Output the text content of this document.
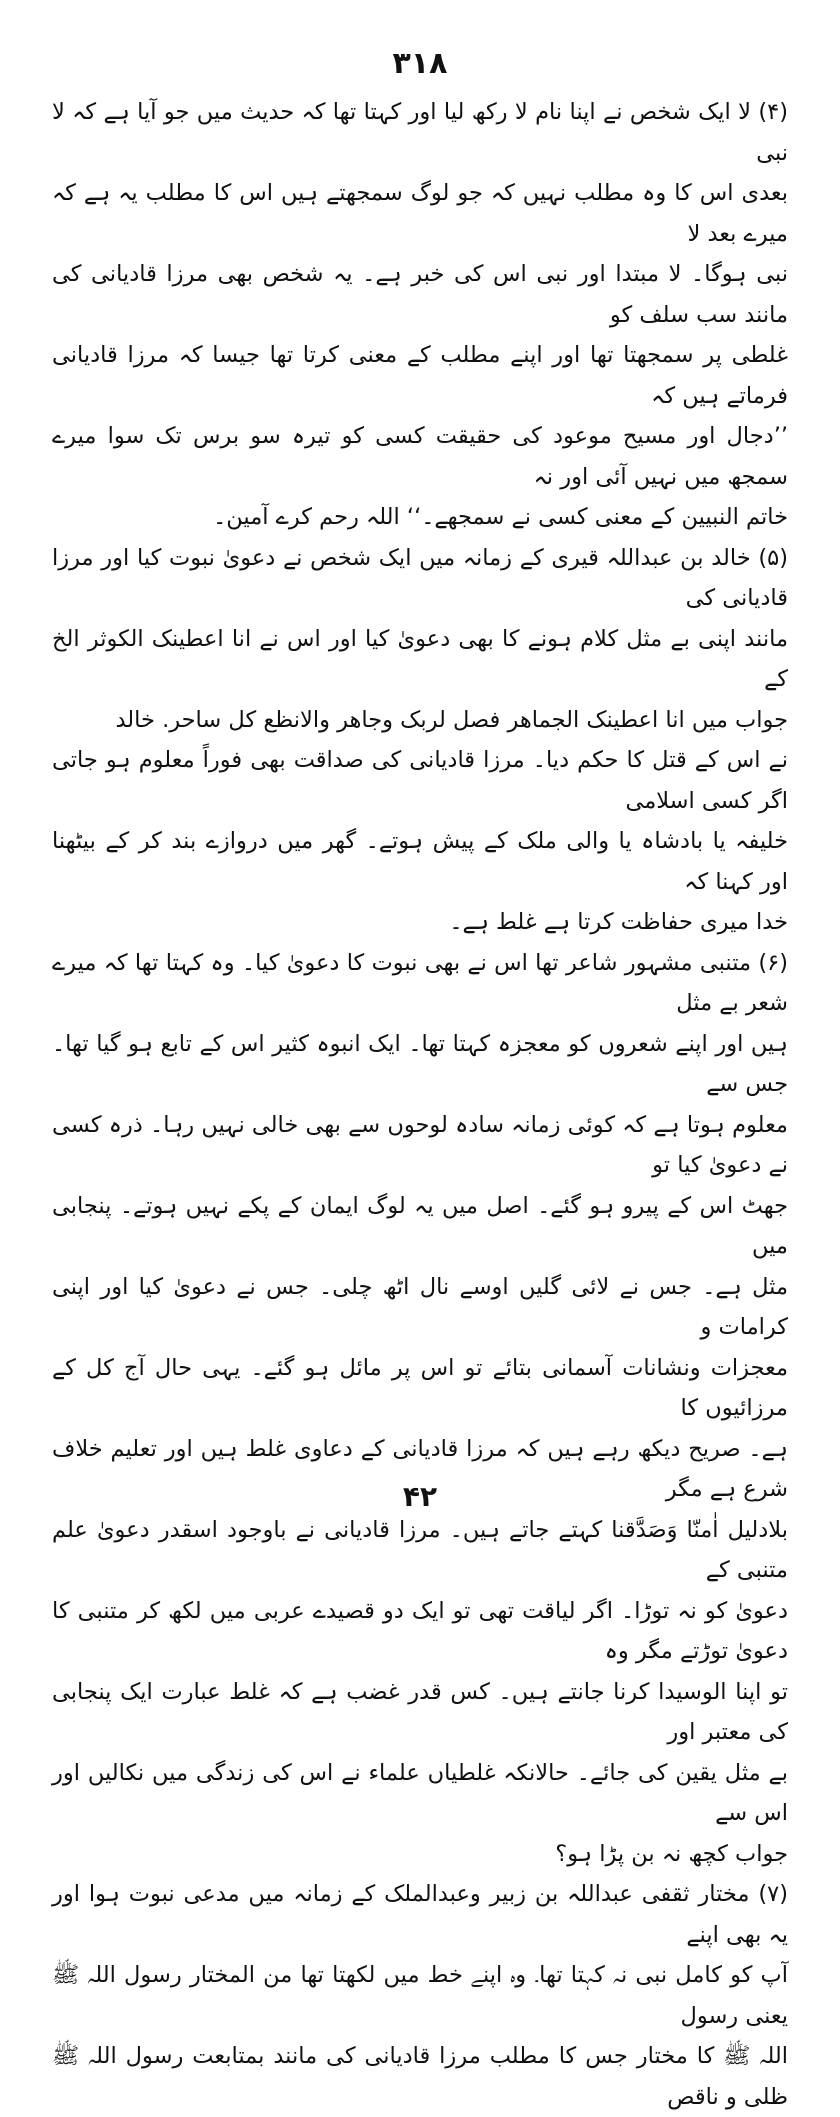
۳۱۸
(۴) لا ایک شخص نے اپنا نام لا رکھ لیا اور کہتا تھا کہ حدیث میں جو آیا ہے کہ لا نبی
بعدی اس کا وہ مطلب نہیں کہ جو لوگ سمجھتے ہیں اس کا مطلب یہ ہے کہ میرے بعد لا
نبی ہوگا۔ لا مبتدا اور نبی اس کی خبر ہے۔ یہ شخص بھی مرزا قادیانی کی مانند سب سلف کو
غلطی پر سمجھتا تھا اور اپنے مطلب کے معنی کرتا تھا جیسا کہ مرزا قادیانی فرماتے ہیں کہ
’’دجال اور مسیح موعود کی حقیقت کسی کو تیرہ سو برس تک سوا میرے سمجھ میں نہیں آئی اور نہ
خاتم النبیین کے معنی کسی نے سمجھے۔‘‘ اللہ رحم کرے آمین۔
(۵) خالد بن عبداللہ قیری کے زمانہ میں ایک شخص نے دعویٰ نبوت کیا اور مرزا قادیانی کی
مانند اپنی بے مثل کلام ہونے کا بھی دعویٰ کیا اور اس نے انا اعطینک الکوثر الخ کے
جواب میں انا اعطینک الجماھر فصل لربک وجاھر والانظع کل ساحر. خالد
نے اس کے قتل کا حکم دیا۔ مرزا قادیانی کی صداقت بھی فوراً معلوم ہو جاتی اگر کسی اسلامی
خلیفہ یا بادشاہ یا والی ملک کے پیش ہوتے۔ گھر میں دروازے بند کر کے بیٹھنا اور کہنا کہ
خدا میری حفاظت کرتا ہے غلط ہے۔
(۶) متنبی مشہور شاعر تھا اس نے بھی نبوت کا دعویٰ کیا۔ وہ کہتا تھا کہ میرے شعر بے مثل
ہیں اور اپنے شعروں کو معجزہ کہتا تھا۔ ایک انبوہ کثیر اس کے تابع ہو گیا تھا۔ جس سے
معلوم ہوتا ہے کہ کوئی زمانہ سادہ لوحوں سے بھی خالی نہیں رہا۔ ذرہ کسی نے دعویٰ کیا تو
جھٹ اس کے پیرو ہو گئے۔ اصل میں یہ لوگ ایمان کے پکے نہیں ہوتے۔ پنجابی میں
مثل ہے۔ جس نے لائی گلیں اوسے نال اٹھ چلی۔ جس نے دعویٰ کیا اور اپنی کرامات و
معجزات ونشانات آسمانی بتائے تو اس پر مائل ہو گئے۔ یہی حال آج کل کے مرزائیوں کا
ہے۔ صریح دیکھ رہے ہیں کہ مرزا قادیانی کے دعاوی غلط ہیں اور تعلیم خلاف شرع ہے مگر
بلادلیل اٰمنّا وَصَدَّقنا کہتے جاتے ہیں۔ مرزا قادیانی نے باوجود اسقدر دعویٰ علم متنبی کے
دعویٰ کو نہ توڑا۔ اگر لیاقت تھی تو ایک دو قصیدے عربی میں لکھ کر متنبی کا دعویٰ توڑتے مگر وہ
تو اپنا الوسیدا کرنا جانتے ہیں۔ کس قدر غضب ہے کہ غلط عبارت ایک پنجابی کی معتبر اور
بے مثل یقین کی جائے۔ حالانکہ غلطیاں علماء نے اس کی زندگی میں نکالیں اور اس سے
جواب کچھ نہ بن پڑا ہو؟
(۷) مختار ثقفی عبداللہ بن زبیر وعبدالملک کے زمانہ میں مدعی نبوت ہوا اور یہ بھی اپنے
آپ کو کامل نبی نہ کہتا تھا۔ وہ اپنے خط میں لکھتا تھا من المختار رسول اللہ ﷺ یعنی رسول
اللہ ﷺ کا مختار جس کا مطلب مرزا قادیانی کی مانند بمتابعت رسول اللہ ﷺ ظلی و ناقص
۴۲
